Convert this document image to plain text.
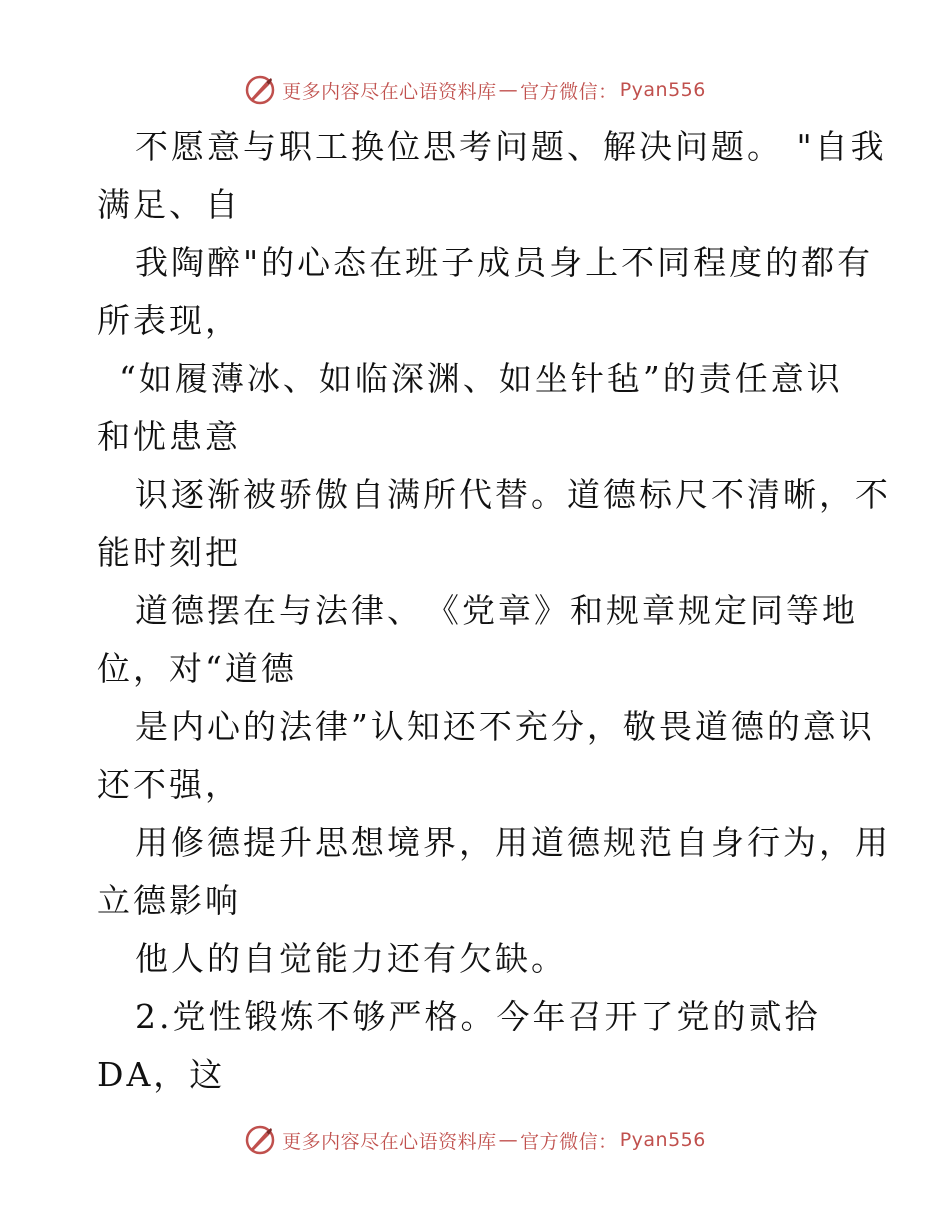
更多内容尽在心语资料库 — 官方微信： Pyan556
不愿意与职工换位思考问题、解决问题。 "自我
满足、自
我陶醉"的心态在班子成员身上不同程度的都有
所表现，
“如履薄冰、如临深渊、如坐针毡”的责任意识
和忧患意
识逐渐被骄傲自满所代替。道德标尺不清晰，不
能时刻把
道德摆在与法律、　《党章》和规章规定同等地
位，对“道德
是内心的法律”认知还不充分，敬畏道德的意识
还不强，
用修德提升思想境界，用道德规范自身行为，用
立德影响
他人的自觉能力还有欠缺。
2.党性锻炼不够严格。今年召开了党的贰拾
DA，这
更多内容尽在心语资料库 — 官方微信： Pyan556
